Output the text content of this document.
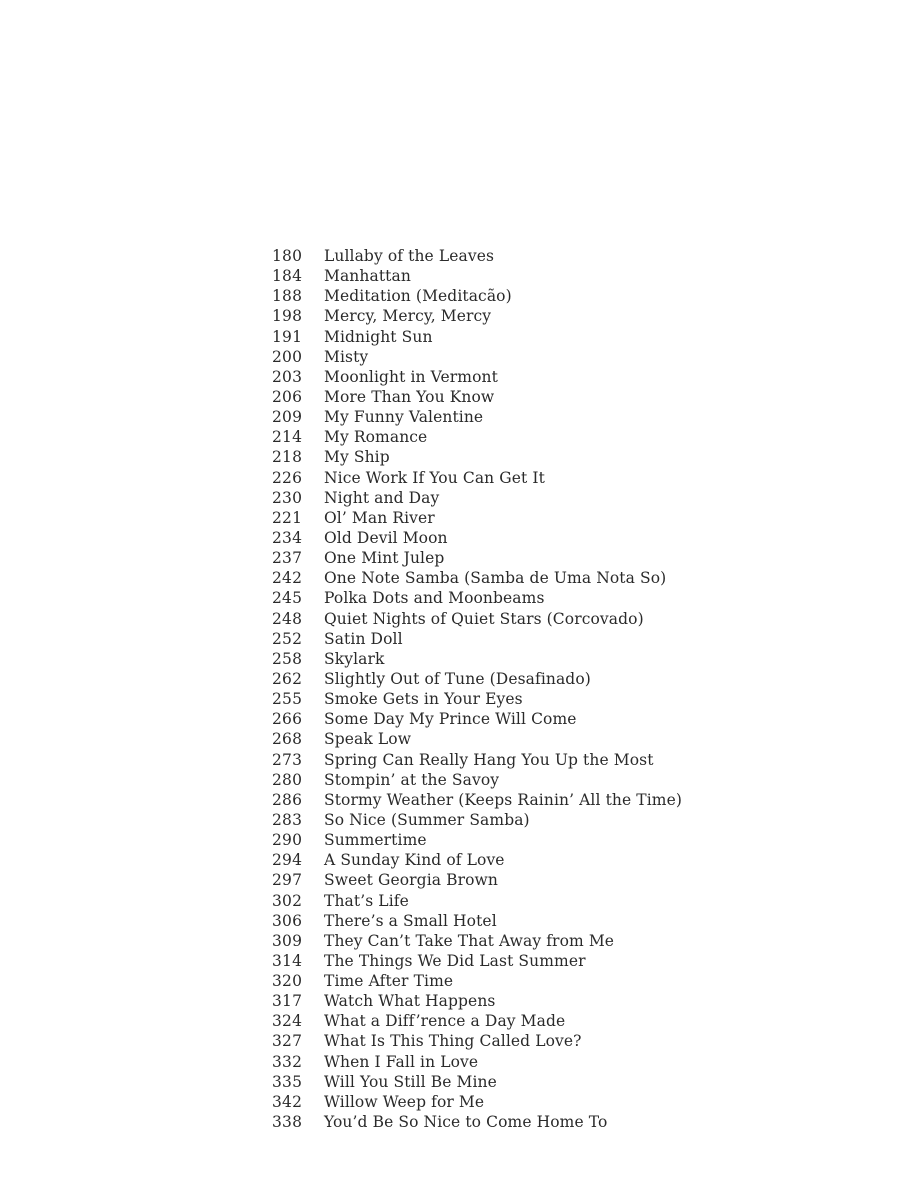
180	Lullaby of the Leaves
184	Manhattan
188	Meditation (Meditacão)
198	Mercy, Mercy, Mercy
191	Midnight Sun
200	Misty
203	Moonlight in Vermont
206	More Than You Know
209	My Funny Valentine
214	My Romance
218	My Ship
226	Nice Work If You Can Get It
230	Night and Day
221	Ol’ Man River
234	Old Devil Moon
237	One Mint Julep
242	One Note Samba (Samba de Uma Nota So)
245	Polka Dots and Moonbeams
248	Quiet Nights of Quiet Stars (Corcovado)
252	Satin Doll
258	Skylark
262	Slightly Out of Tune (Desafinado)
255	Smoke Gets in Your Eyes
266	Some Day My Prince Will Come
268	Speak Low
273	Spring Can Really Hang You Up the Most
280	Stompin’ at the Savoy
286	Stormy Weather (Keeps Rainin’ All the Time)
283	So Nice (Summer Samba)
290	Summertime
294	A Sunday Kind of Love
297	Sweet Georgia Brown
302	That’s Life
306	There’s a Small Hotel
309	They Can’t Take That Away from Me
314	The Things We Did Last Summer
320	Time After Time
317	Watch What Happens
324	What a Diff’rence a Day Made
327	What Is This Thing Called Love?
332	When I Fall in Love
335	Will You Still Be Mine
342	Willow Weep for Me
338	You’d Be So Nice to Come Home To
